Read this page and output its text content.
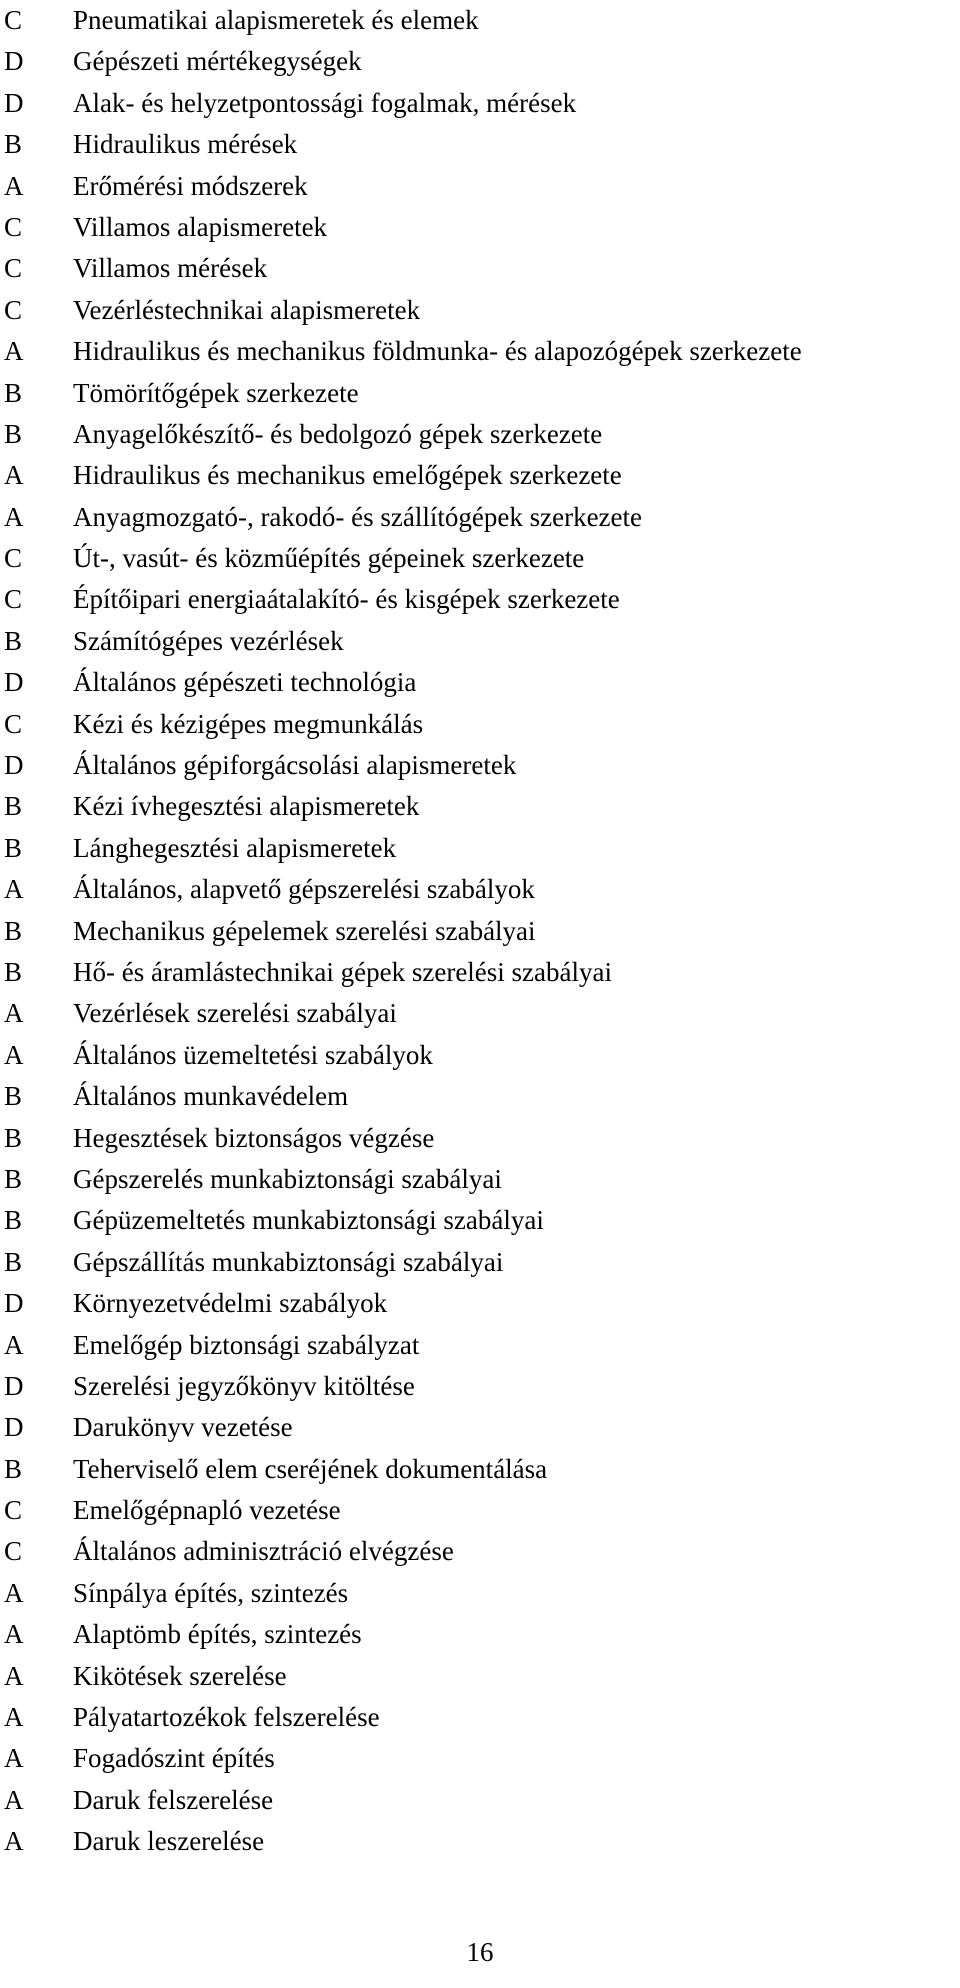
C	Pneumatikai alapismeretek és elemek
D	Gépészeti mértékegységek
D	Alak- és helyzetpontossági fogalmak, mérések
B	Hidraulikus mérések
A	Erőmérési módszerek
C	Villamos alapismeretek
C	Villamos mérések
C	Vezérléstechnikai alapismeretek
A	Hidraulikus és mechanikus földmunka- és alapozógépek szerkezete
B	Tömörítőgépek szerkezete
B	Anyagelőkészítő- és bedolgozó gépek szerkezete
A	Hidraulikus és mechanikus emelőgépek szerkezete
A	Anyagmozgató-, rakodó- és szállítógépek szerkezete
C	Út-, vasút- és közműépítés gépeinek szerkezete
C	Építőipari energiaátalakító- és kisgépek szerkezete
B	Számítógépes vezérlések
D	Általános gépészeti technológia
C	Kézi és kézigépes megmunkálás
D	Általános gépiforgácsolási alapismeretek
B	Kézi ívhegesztési alapismeretek
B	Lánghegesztési alapismeretek
A	Általános, alapvető gépszerelési szabályok
B	Mechanikus gépelemek szerelési szabályai
B	Hő- és áramlástechnikai gépek szerelési szabályai
A	Vezérlések szerelési szabályai
A	Általános üzemeltetési szabályok
B	Általános munkavédelem
B	Hegesztések biztonságos végzése
B	Gépszerelés munkabiztonsági szabályai
B	Gépüzemeltetés munkabiztonsági szabályai
B	Gépszállítás munkabiztonsági szabályai
D	Környezetvédelmi szabályok
A	Emelőgép biztonsági szabályzat
D	Szerelési jegyzőkönyv kitöltése
D	Darukönyv vezetése
B	Teherviselő elem cseréjének dokumentálása
C	Emelőgépnapló vezetése
C	Általános adminisztráció elvégzése
A	Sínpálya építés, szintezés
A	Alaptömb építés, szintezés
A	Kikötések szerelése
A	Pályatartozékok felszerelése
A	Fogadószint építés
A	Daruk felszerelése
A	Daruk leszerelése
16
